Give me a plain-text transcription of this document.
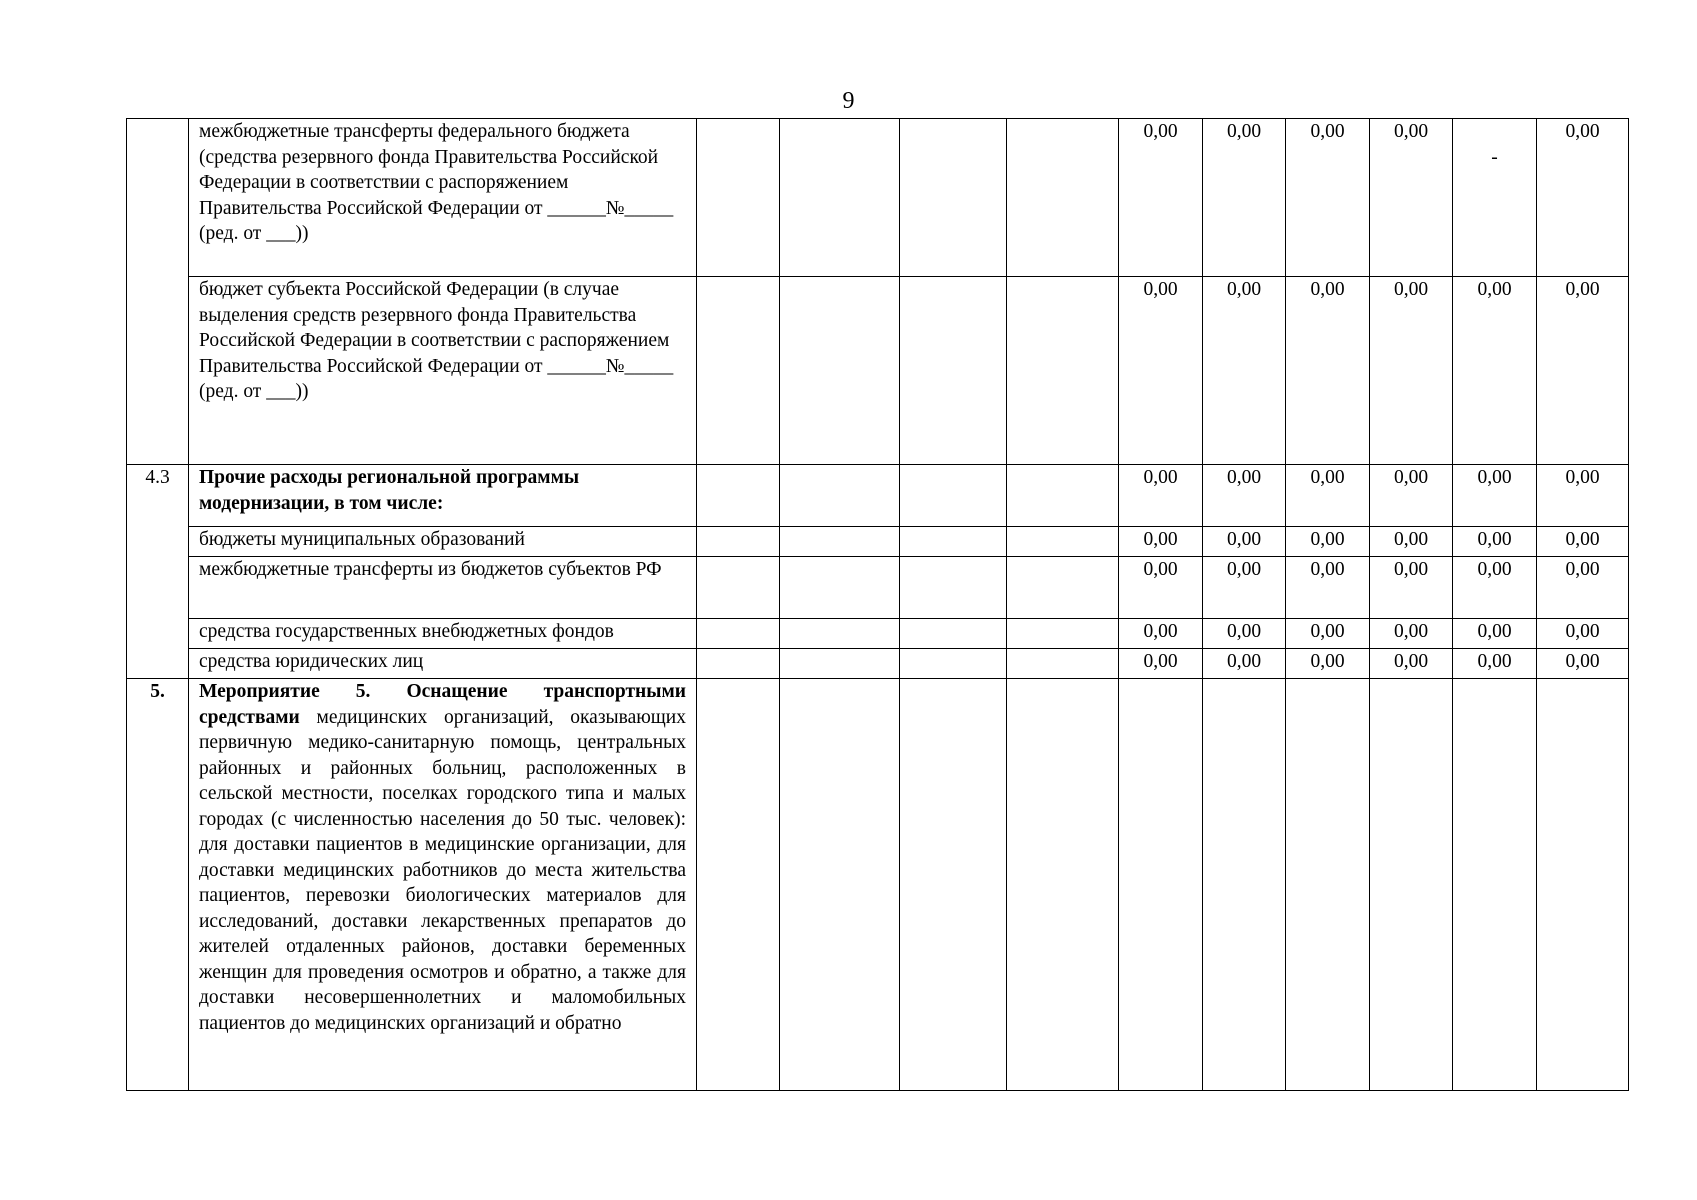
9
	межбюджетные трансферты федерального бюджета (средства резервного фонда Правительства Российской Федерации в соответствии с распоряжением Правительства Российской Федерации от ______№_____ (ред. от ___))					0,00	0,00	0,00	0,00	-	0,00
	бюджет субъекта Российской Федерации (в случае выделения средств резервного фонда Правительства Российской Федерации в соответствии с распоряжением Правительства Российской Федерации от ______№_____ (ред. от ___))					0,00	0,00	0,00	0,00	0,00	0,00
4.3	Прочие расходы региональной программы модернизации, в том числе:					0,00	0,00	0,00	0,00	0,00	0,00
	бюджеты муниципальных образований					0,00	0,00	0,00	0,00	0,00	0,00
	межбюджетные трансферты из бюджетов субъектов РФ					0,00	0,00	0,00	0,00	0,00	0,00
	средства государственных внебюджетных фондов					0,00	0,00	0,00	0,00	0,00	0,00
	средства юридических лиц					0,00	0,00	0,00	0,00	0,00	0,00
5.	Мероприятие 5. Оснащение транспортными средствами медицинских организаций, оказывающих первичную медико-санитарную помощь, центральных районных и районных больниц, расположенных в сельской местности, поселках городского типа и малых городах (с численностью населения до 50 тыс. человек): для доставки пациентов в медицинские организации, для доставки медицинских работников до места жительства пациентов, перевозки биологических материалов для исследований, доставки лекарственных препаратов до жителей отдаленных районов, доставки беременных женщин для проведения осмотров и обратно, а также для доставки несовершеннолетних и маломобильных пациентов до медицинских организаций и обратно										
